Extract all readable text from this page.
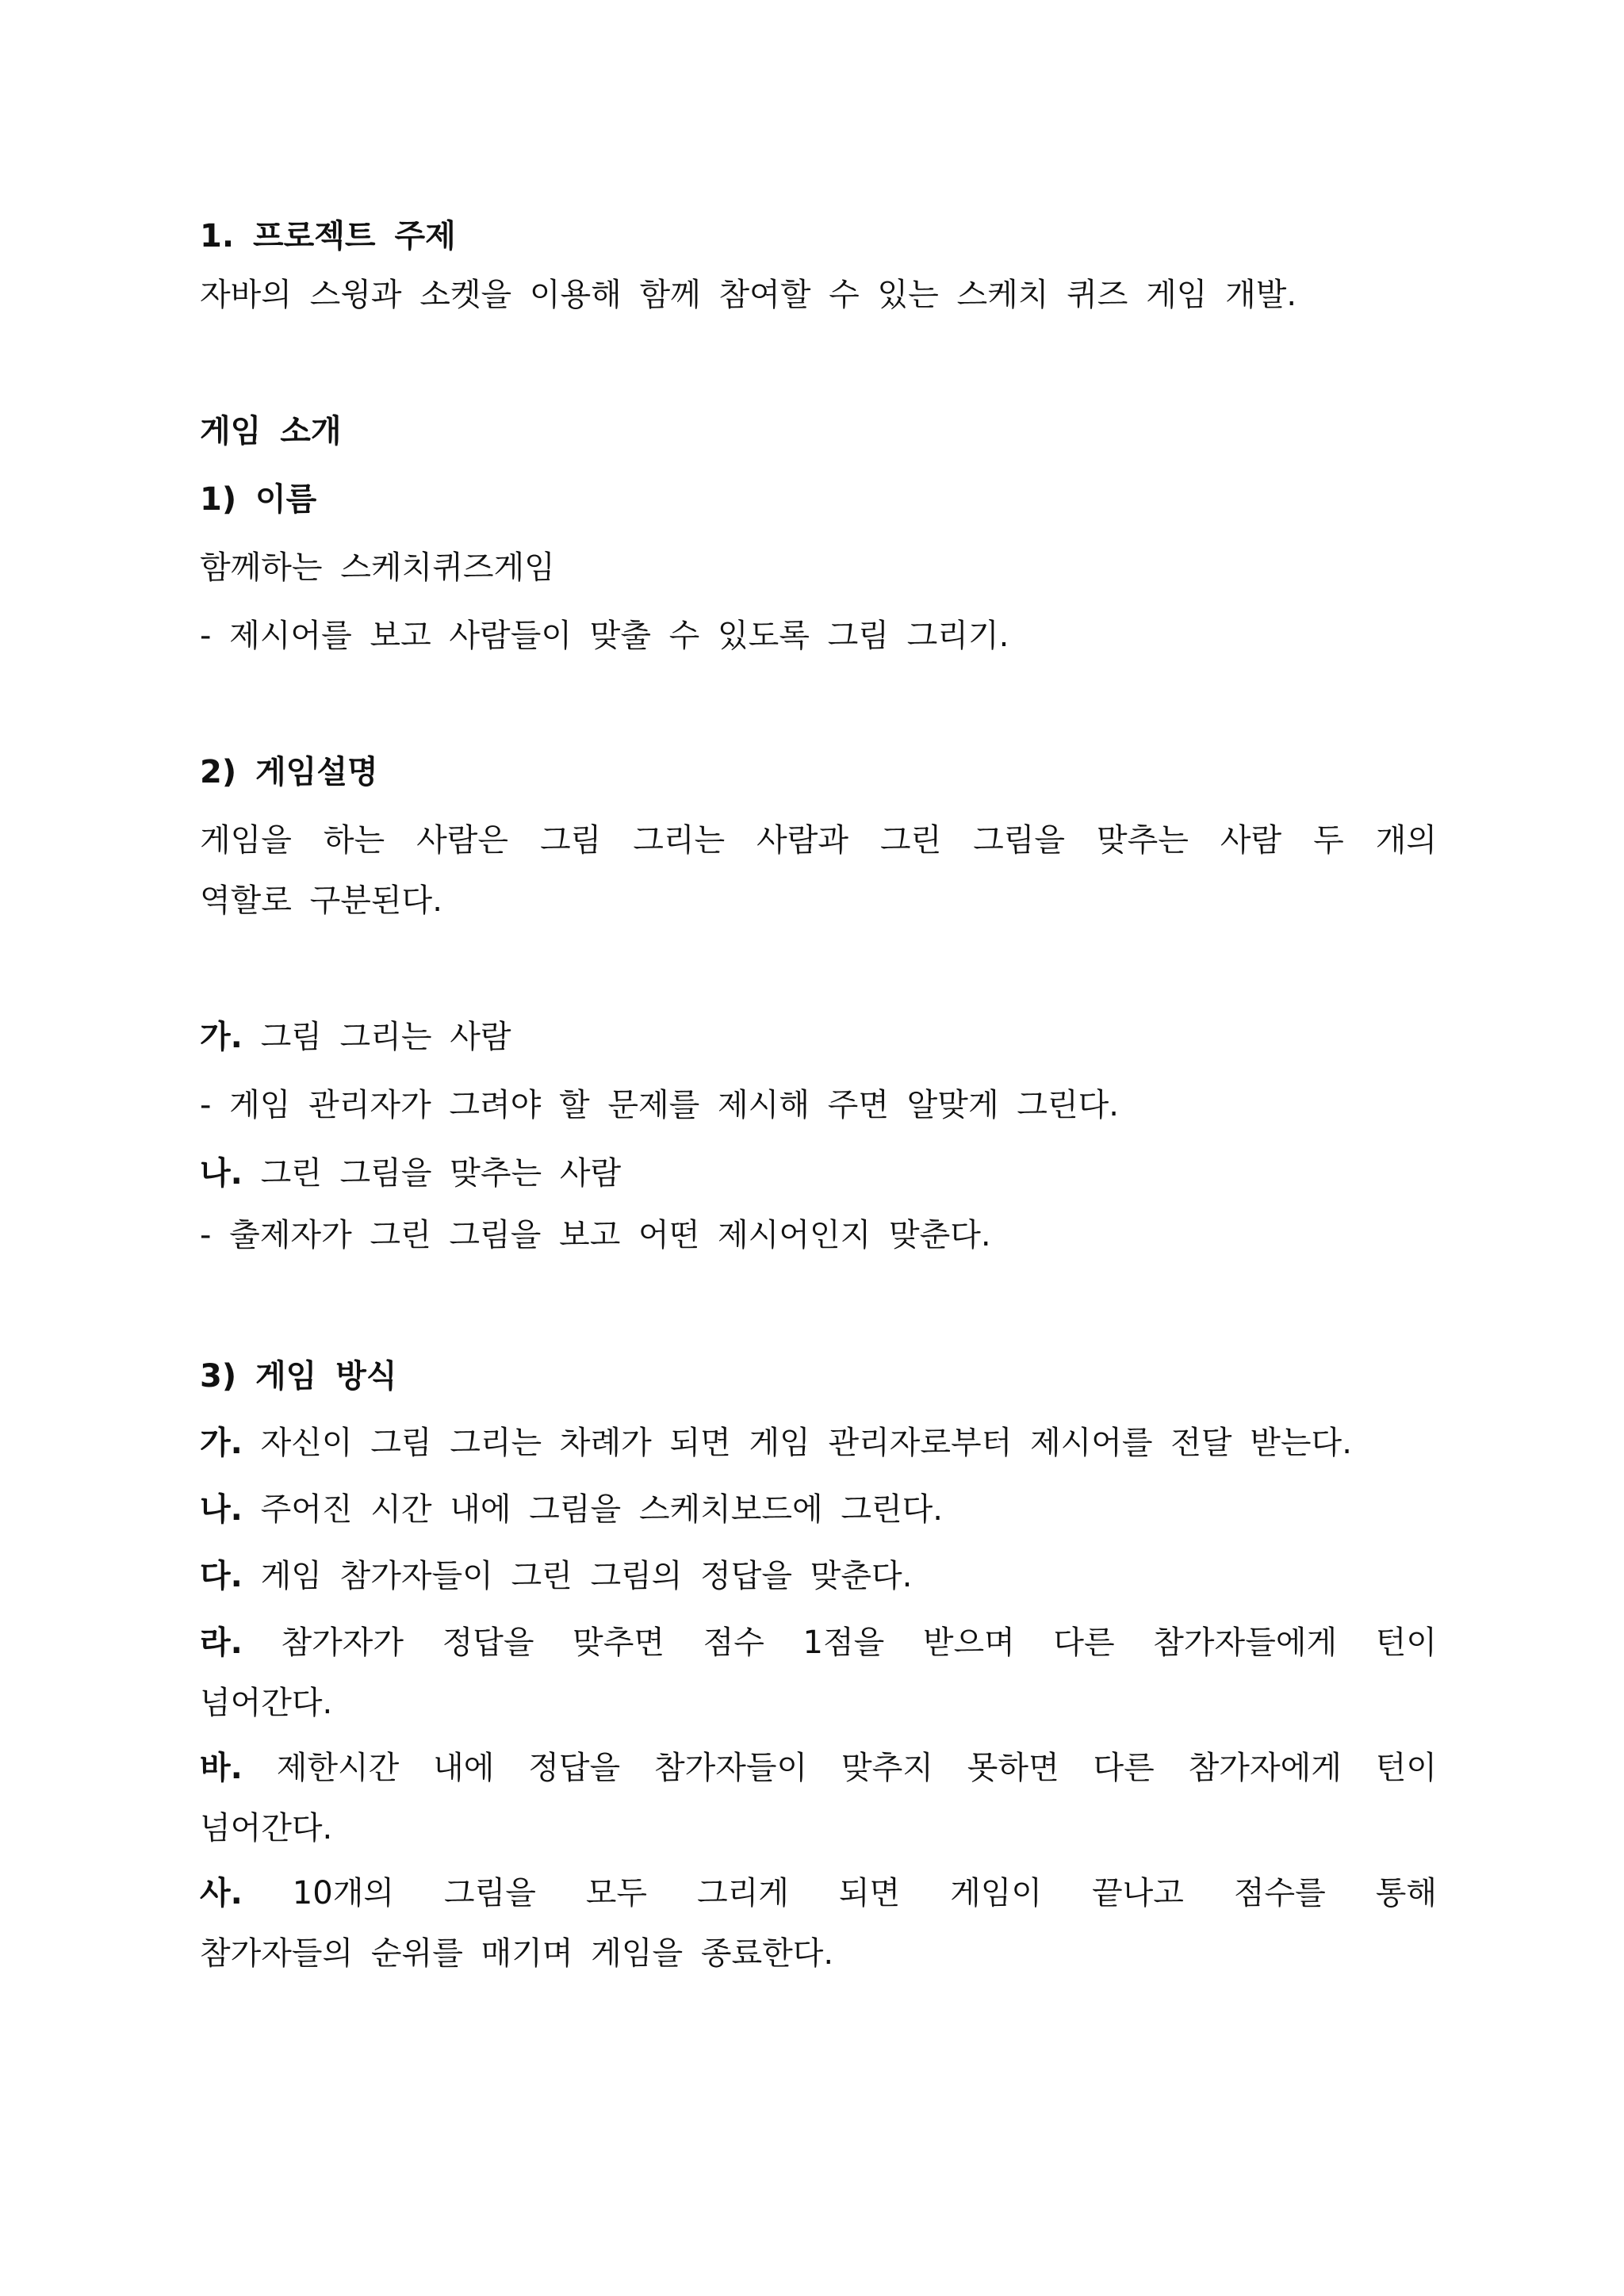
1. 프로젝트 주제
자바의 스윙과 소켓을 이용해 함께 참여할 수 있는 스케치 퀴즈 게임 개발.
게임 소개
1) 이름
함께하는 스케치퀴즈게임
- 제시어를 보고 사람들이 맞출 수 있도록 그림 그리기.
2) 게임설명
게임을 하는 사람은 그림 그리는 사람과 그린 그림을 맞추는 사람 두 개의
역할로 구분된다.
가. 그림 그리는 사람
- 게임 관리자가 그려야 할 문제를 제시해 주면 알맞게 그린다.
나. 그린 그림을 맞추는 사람
- 출제자가 그린 그림을 보고 어떤 제시어인지 맞춘다.
3) 게임 방식
가. 자신이 그림 그리는 차례가 되면 게임 관리자로부터 제시어를 전달 받는다.
나. 주어진 시간 내에 그림을 스케치보드에 그린다.
다. 게임 참가자들이 그린 그림의 정답을 맞춘다.
라. 참가자가 정답을 맞추면 점수 1점을 받으며 다른 참가자들에게 턴이
넘어간다.
바. 제한시간 내에 정답을 참가자들이 맞추지 못하면 다른 참가자에게 턴이
넘어간다.
사. 10개의 그림을 모두 그리게 되면 게임이 끝나고 점수를 통해
참가자들의 순위를 매기며 게임을 종료한다.
